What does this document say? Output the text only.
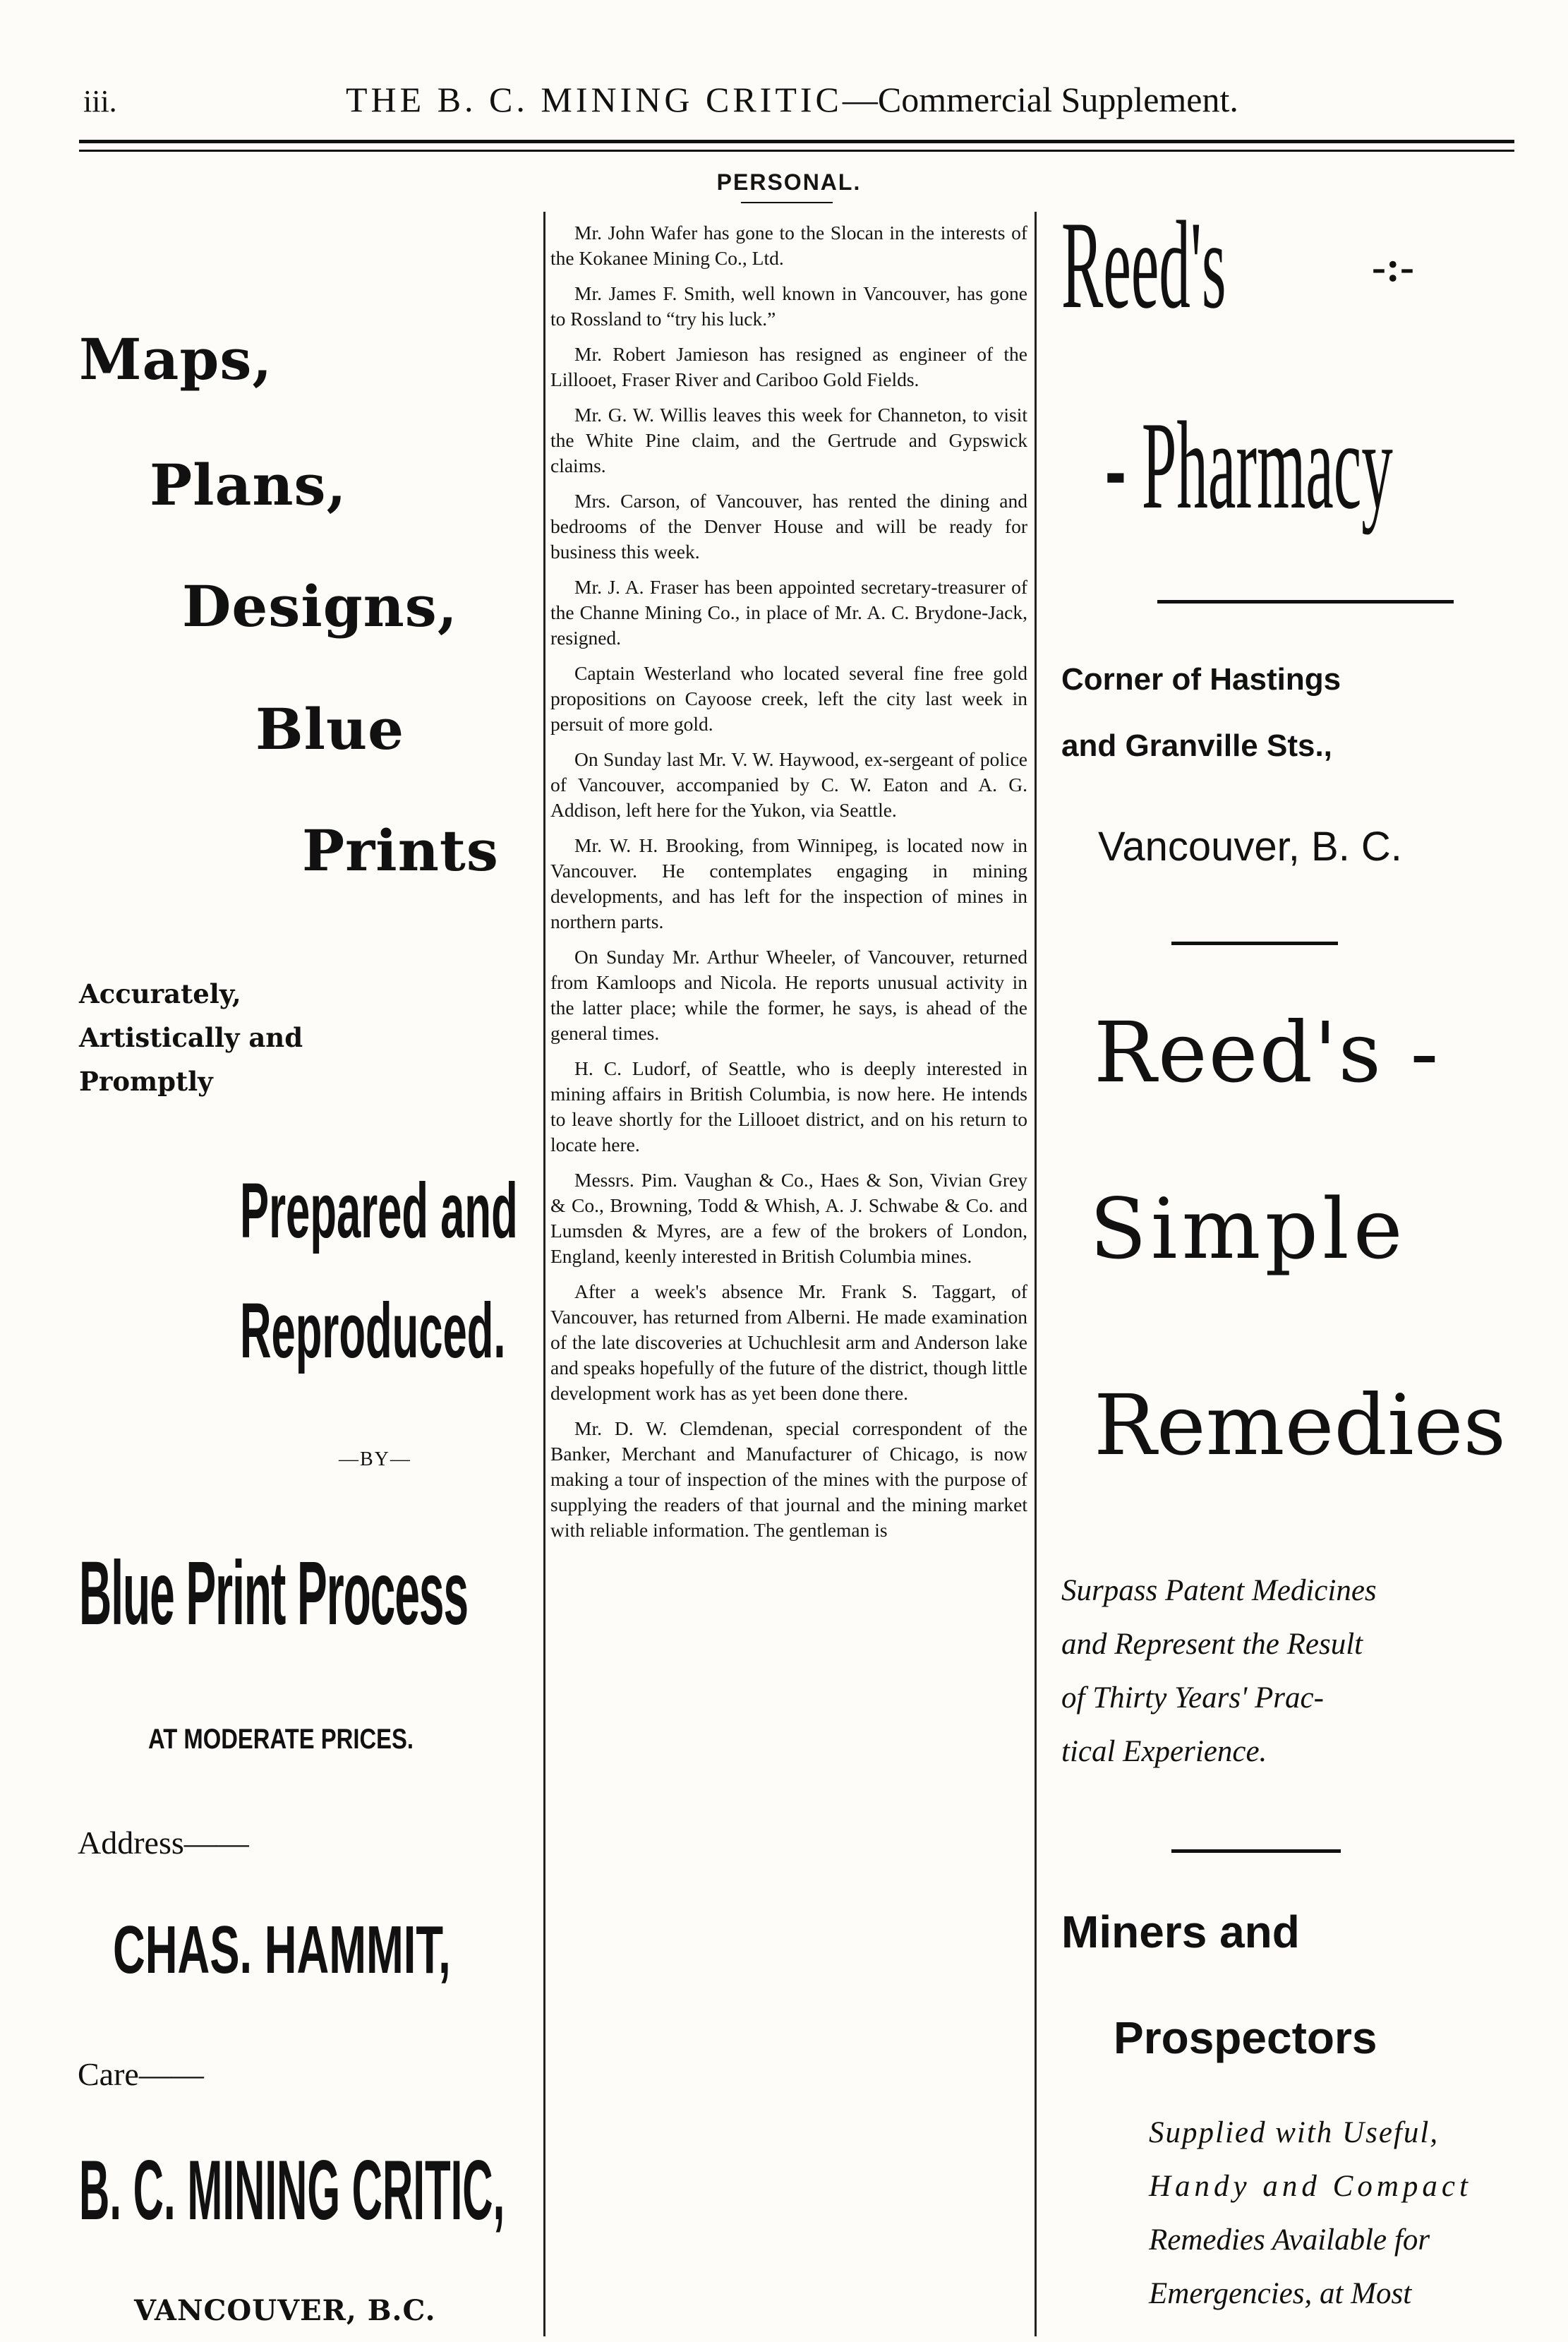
iii.	THE B. C. MINING CRITIC—Commercial Supplement.
Maps,
Plans,
Designs,
Blue
Prints
Accurately,
Artistically and
Promptly
Prepared and
Reproduced.
—BY—
Blue Print Process
AT MODERATE PRICES.
Address——
CHAS. HAMMIT,
Care——
B. C. MINING CRITIC,
VANCOUVER, B.C.
PERSONAL.

Mr. John Wafer has gone to the Slocan in the interests of the Kokanee Mining Co., Ltd.

Mr. James F. Smith, well known in Vancouver, has gone to Rossland to “try his luck.”

Mr. Robert Jamieson has resigned as engineer of the Lillooet, Fraser River and Cariboo Gold Fields.

Mr. G. W. Willis leaves this week for Channeton, to visit the White Pine claim, and the Gertrude and Gypswick claims.

Mrs. Carson, of Vancouver, has rented the dining and bedrooms of the Denver House and will be ready for business this week.

Mr. J. A. Fraser has been appointed secretary-treasurer of the Channe Mining Co., in place of Mr. A. C. Brydone-Jack, resigned.

Captain Westerland who located several fine free gold propositions on Cayoose creek, left the city last week in persuit of more gold.

On Sunday last Mr. V. W. Haywood, ex-sergeant of police of Vancouver, accompanied by C. W. Eaton and A. G. Addison, left here for the Yukon, via Seattle.

Mr. W. H. Brooking, from Winnipeg, is located now in Vancouver. He contemplates engaging in mining developments, and has left for the inspection of mines in northern parts.

On Sunday Mr. Arthur Wheeler, of Vancouver, returned from Kamloops and Nicola. He reports unusual activity in the latter place; while the former, he says, is ahead of the general times.

H. C. Ludorf, of Seattle, who is deeply interested in mining affairs in British Columbia, is now here. He intends to leave shortly for the Lillooet district, and on his return to locate here.

Messrs. Pim. Vaughan & Co., Haes & Son, Vivian Grey & Co., Browning, Todd & Whish, A. J. Schwabe & Co. and Lumsden & Myres, are a few of the brokers of London, England, keenly interested in British Columbia mines.

After a week's absence Mr. Frank S. Taggart, of Vancouver, has returned from Alberni. He made examination of the late discoveries at Uchuchlesit arm and Anderson lake and speaks hopefully of the future of the district, though little development work has as yet been done there.

Mr. D. W. Clemdenan, special correspondent of the Banker, Merchant and Manufacturer of Chicago, is now making a tour of inspection of the mines with the purpose of supplying the readers of that journal and the mining market with reliable information. The gentleman is

Reed's	-:-
- Pharmacy
Corner of Hastings
and Granville Sts.,
Vancouver, B. C.
Reed's -
Simple
Remedies
Surpass Patent Medicines
and Represent the Result
of Thirty Years' Prac-
tical Experience.
Miners and
Prospectors
Supplied with Useful,
Handy and Compact
Remedies Available for
Emergencies, at Most
